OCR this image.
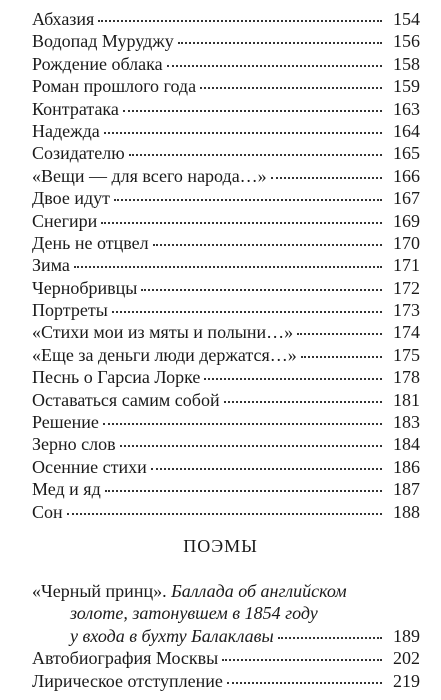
Абхазия	154
Водопад Муруджу	156
Рождение облака	158
Роман прошлого года	159
Контратака	163
Надежда	164
Созидателю	165
«Вещи — для всего народа…»	166
Двое идут	167
Снегири	169
День не отцвел	170
Зима	171
Чернобривцы	172
Портреты	173
«Стихи мои из мяты и полыни…»	174
«Еще за деньги люди держатся…»	175
Песнь о Гарсиа Лорке	178
Оставаться самим собой	181
Решение	183
Зерно слов	184
Осенние стихи	186
Мед и яд	187
Сон	188
ПОЭМЫ
«Черный принц». Баллада об английском
золоте, затонувшем в 1854 году
у входа в бухту Балаклавы	189
Автобиография Москвы	202
Лирическое отступление	219
